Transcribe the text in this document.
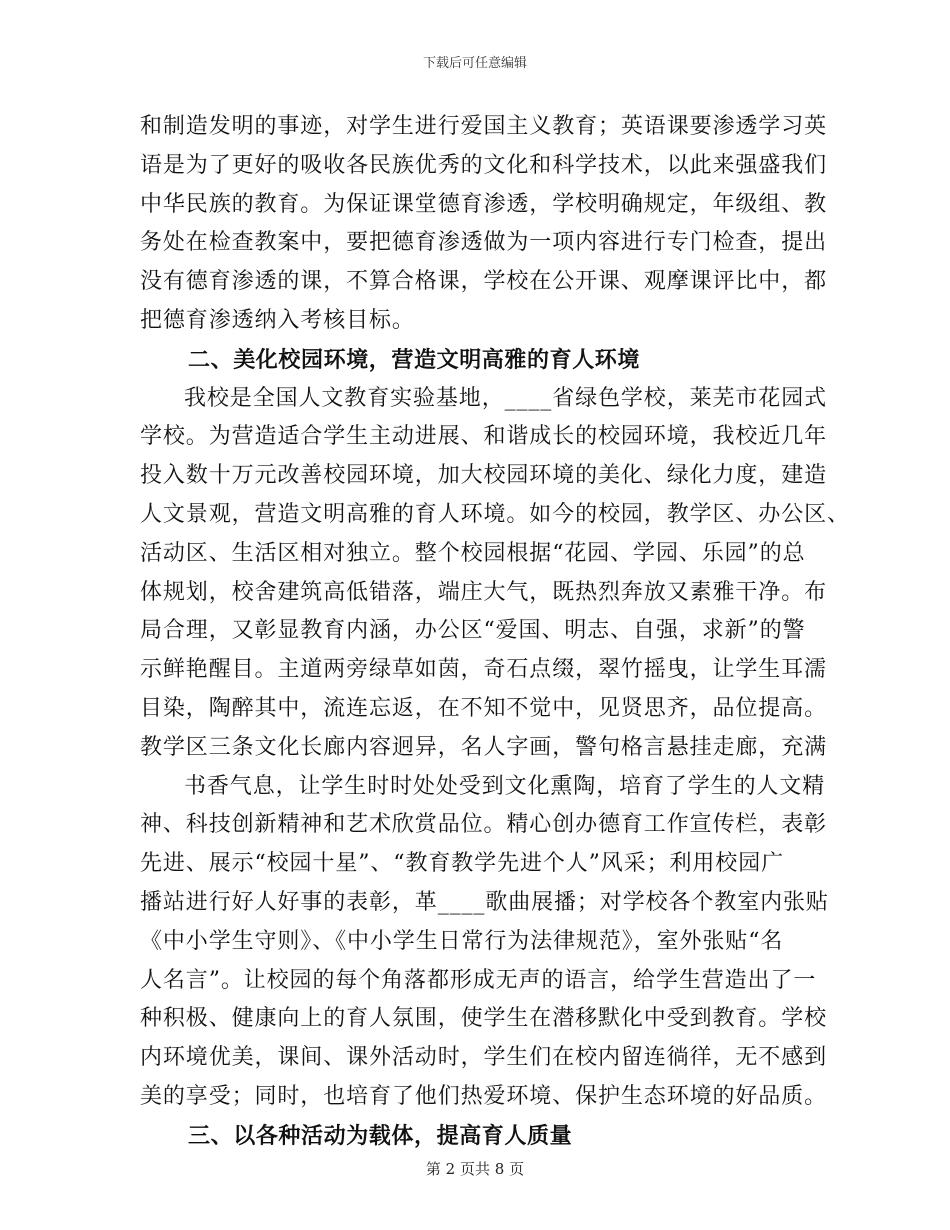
下载后可任意编辑
和制造发明的事迹，对学生进行爱国主义教育；英语课要渗透学习英
语是为了更好的吸收各民族优秀的文化和科学技术，以此来强盛我们
中华民族的教育。为保证课堂德育渗透，学校明确规定，年级组、教
务处在检查教案中，要把德育渗透做为一项内容进行专门检查，提出
没有德育渗透的课，不算合格课，学校在公开课、观摩课评比中，都
把德育渗透纳入考核目标。
二、美化校园环境，营造文明高雅的育人环境
我校是全国人文教育实验基地，____省绿色学校，莱芜市花园式
学校。为营造适合学生主动进展、和谐成长的校园环境，我校近几年
投入数十万元改善校园环境，加大校园环境的美化、绿化力度，建造
人文景观，营造文明高雅的育人环境。如今的校园，教学区、办公区、
活动区、生活区相对独立。整个校园根据“花园、学园、乐园”的总
体规划，校舍建筑高低错落，端庄大气，既热烈奔放又素雅干净。布
局合理，又彰显教育内涵，办公区“爱国、明志、自强，求新”的警
示鲜艳醒目。主道两旁绿草如茵，奇石点缀，翠竹摇曳，让学生耳濡
目染，陶醉其中，流连忘返，在不知不觉中，见贤思齐，品位提高。
教学区三条文化长廊内容迥异，名人字画，警句格言悬挂走廊，充满
书香气息，让学生时时处处受到文化熏陶，培育了学生的人文精
神、科技创新精神和艺术欣赏品位。精心创办德育工作宣传栏，表彰
先进、展示“校园十星”、“教育教学先进个人”风采；利用校园广
播站进行好人好事的表彰，革____歌曲展播；对学校各个教室内张贴
《中小学生守则》、《中小学生日常行为法律规范》，室外张贴“名
人名言”。让校园的每个角落都形成无声的语言，给学生营造出了一
种积极、健康向上的育人氛围，使学生在潜移默化中受到教育。学校
内环境优美，课间、课外活动时，学生们在校内留连徜徉，无不感到
美的享受；同时，也培育了他们热爱环境、保护生态环境的好品质。
三、以各种活动为载体，提高育人质量
第 2 页共 8 页
